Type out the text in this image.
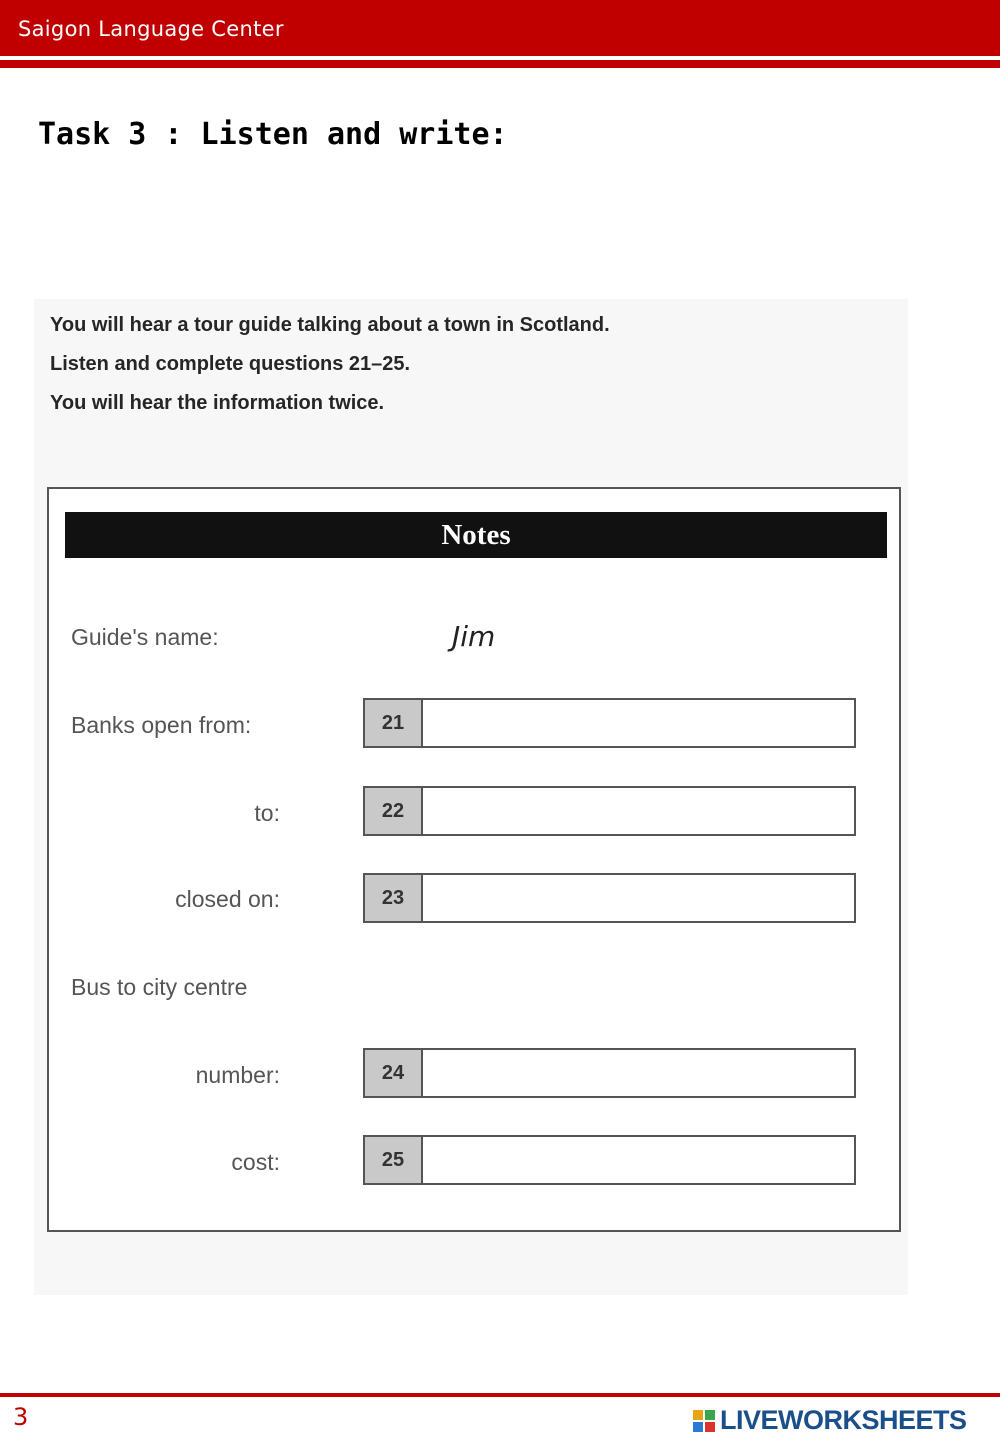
Saigon Language Center
Task 3 : Listen and write:
You will hear a tour guide talking about a town in Scotland.
Listen and complete questions 21–25.
You will hear the information twice.
Notes
Guide's name:	Jim
Banks open from:	21
to:	22
closed on:	23
Bus to city centre
number:	24
cost:	25
3	LIVEWORKSHEETS
